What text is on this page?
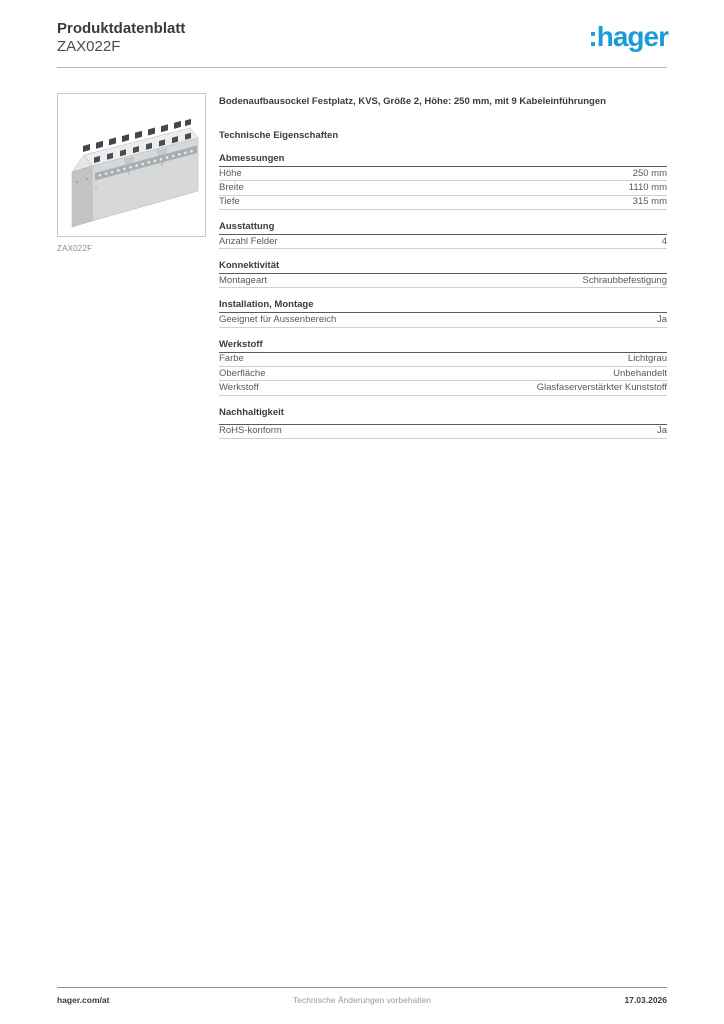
Produktdatenblatt
ZAX022F	:hager
ZAX022F
Bodenaufbausockel Festplatz, KVS, Größe 2, Höhe: 250 mm, mit 9 Kabeleinführungen
Technische Eigenschaften
Abmessungen
Höhe	250 mm
Breite	1110 mm
Tiefe	315 mm
Ausstattung
Anzahl Felder	4
Konnektivität
Montageart	Schraubbefestigung
Installation, Montage
Geeignet für Aussenbereich	Ja
Werkstoff
Farbe	Lichtgrau
Oberfläche	Unbehandelt
Werkstoff	Glasfaserverstärkter Kunststoff
Nachhaltigkeit
RoHS-konform	Ja
hager.com/at	Technische Änderungen vorbehalten	17.03.2026
